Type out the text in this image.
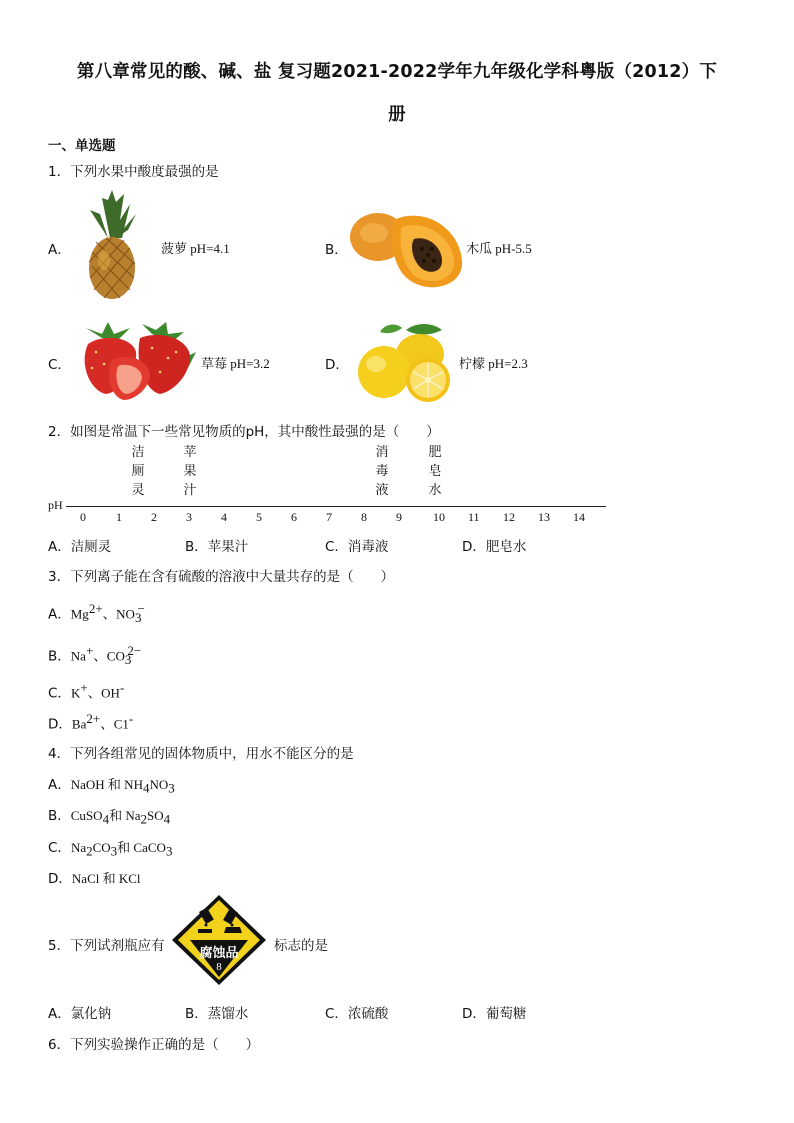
第八章常见的酸、碱、盐 复习题2021-2022学年九年级化学科粤版（2012）下
册
一、单选题
1．下列水果中酸度最强的是
A．	菠萝 pH=4.1	B．	木瓜 pH-5.5
C．	草莓 pH=3.2	D．	柠檬 pH=2.3
2．如图是常温下一些常见物质的pH，其中酸性最强的是（　　）
洁
厕
灵
苹
果
汁
消
毒
液
肥
皂
水
pH
0	1 2 3 4 5 6 7 8 9	10 11 12 13 14
A．洁厕灵	B．苹果汁	C．消毒液	D．肥皂水
3．下列离子能在含有硫酸的溶液中大量共存的是（　　）
A．$Mg^{2+}$、$NO_3^-$
B．Na+、$CO_3^{2-}$
C．K+、OH-
D．$Ba^{2+}$、C1-
4．下列各组常见的固体物质中，用水不能区分的是
A．NaOH 和 $NH_4NO_3$
B．CuSO$_4$和 $Na_2SO_4$
C．$Na_2CO_3$和 CaCO$_3$
D．NaCl 和 KCl
5．下列试剂瓶应有	腐蚀品
8
标志的是
A．氯化钠	B．蒸馏水	C．浓硫酸	D．葡萄糖
6．下列实验操作正确的是（　　）
